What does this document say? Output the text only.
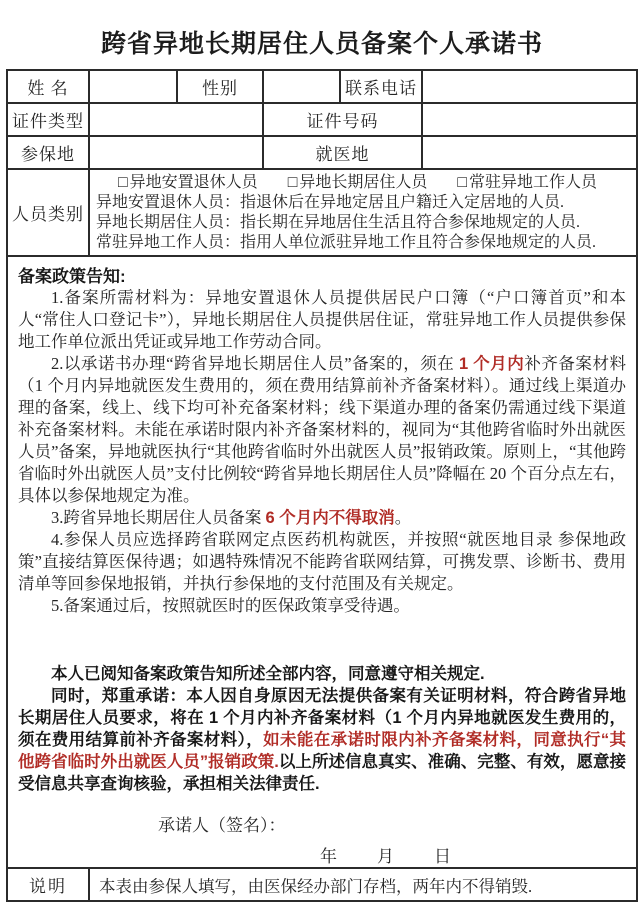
跨省异地长期居住人员备案个人承诺书
姓 名		性别		联系电话	
证件类型			证件号码		
参保地			就医地		
人员类别	□ 异地安置退休人员 □ 异地长期居住人员 □ 常驻异地工作人员
异地安置退休人员：指退休后在异地定居且户籍迁入定居地的人员.
异地长期居住人员：指长期在异地居住生活且符合参保地规定的人员.
常驻异地工作人员：指用人单位派驻异地工作且符合参保地规定的人员.				

备案政策告知:

1.备案所需材料为：异地安置退休人员提供居民户口簿（“户口簿首页”和本人“常住人口登记卡”），异地长期居住人员提供居住证，常驻异地工作人员提供参保地工作单位派出凭证或异地工作劳动合同。

2.以承诺书办理“跨省异地长期居住人员”备案的，须在 1 个月内补齐备案材料（1 个月内异地就医发生费用的，须在费用结算前补齐备案材料）。通过线上渠道办理的备案，线上、线下均可补充备案材料；线下渠道办理的备案仍需通过线下渠道补充备案材料。未能在承诺时限内补齐备案材料的，视同为“其他跨省临时外出就医人员”备案，异地就医执行“其他跨省临时外出就医人员”报销政策。原则上，“其他跨省临时外出就医人员”支付比例较“跨省异地长期居住人员”降幅在 20 个百分点左右，具体以参保地规定为准。

3.跨省异地长期居住人员备案 6 个月内不得取消。

4.参保人员应选择跨省联网定点医药机构就医，并按照“就医地目录 参保地政策”直接结算医保待遇；如遇特殊情况不能跨省联网结算，可携发票、诊断书、费用清单等回参保地报销，并执行参保地的支付范围及有关规定。

5.备案通过后，按照就医时的医保政策享受待遇。

本人已阅知备案政策告知所述全部内容，同意遵守相关规定.

同时，郑重承诺：本人因自身原因无法提供备案有关证明材料，符合跨省异地长期居住人员要求，将在 1 个月内补齐备案材料（1 个月内异地就医发生费用的，须在费用结算前补齐备案材料），如未能在承诺时限内补齐备案材料，同意执行“其他跨省临时外出就医人员”报销政策.以上所述信息真实、准确、完整、有效，愿意接受信息共享查询核验，承担相关法律责任.

承诺人（签名）：
年　　月　　日

说明	本表由参保人填写，由医保经办部门存档，两年内不得销毁.				
